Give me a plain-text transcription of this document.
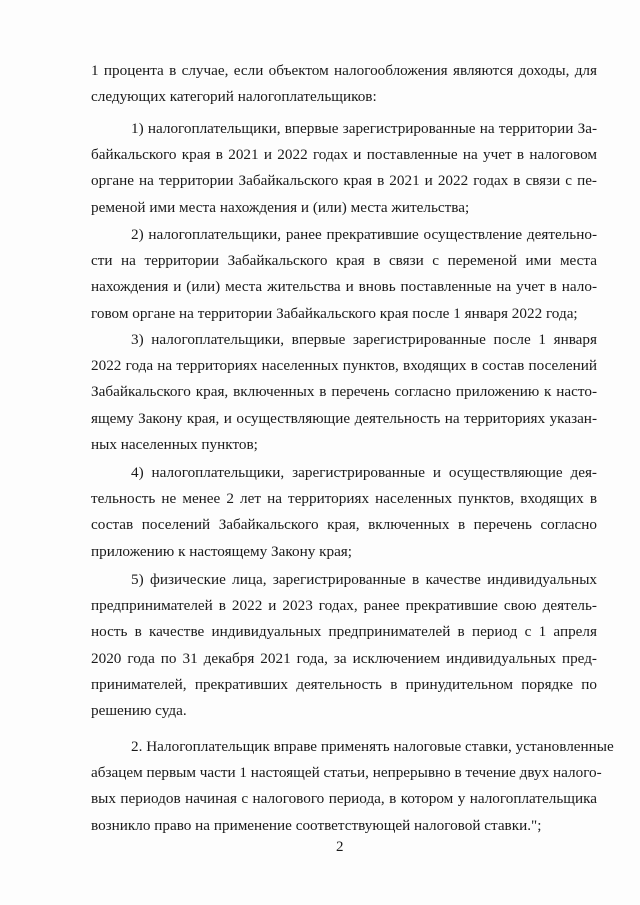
1 процента в случае, если объектом налогообложения являются доходы, для
следующих категорий налогоплательщиков:
1) налогоплательщики, впервые зарегистрированные на территории За-
байкальского края в 2021 и 2022 годах и поставленные на учет в налоговом
органе на территории Забайкальского края в 2021 и 2022 годах в связи с пе-
ременой ими места нахождения и (или) места жительства;
2) налогоплательщики, ранее прекратившие осуществление деятельно-
сти на территории Забайкальского края в связи с переменой ими места
нахождения и (или) места жительства и вновь поставленные на учет в нало-
говом органе на территории Забайкальского края после 1 января 2022 года;
3) налогоплательщики, впервые зарегистрированные после 1 января
2022 года на территориях населенных пунктов, входящих в состав поселений
Забайкальского края, включенных в перечень согласно приложению к насто-
ящему Закону края, и осуществляющие деятельность на территориях указан-
ных населенных пунктов;
4) налогоплательщики, зарегистрированные и осуществляющие дея-
тельность не менее 2 лет на территориях населенных пунктов, входящих в
состав поселений Забайкальского края, включенных в перечень согласно
приложению к настоящему Закону края;
5) физические лица, зарегистрированные в качестве индивидуальных
предпринимателей в 2022 и 2023 годах, ранее прекратившие свою деятель-
ность в качестве индивидуальных предпринимателей в период с 1 апреля
2020 года по 31 декабря 2021 года, за исключением индивидуальных пред-
принимателей, прекративших деятельность в принудительном порядке по
решению суда.
2. Налогоплательщик вправе применять налоговые ставки, установленные
абзацем первым части 1 настоящей статьи, непрерывно в течение двух налого-
вых периодов начиная с налогового периода, в котором у налогоплательщика
возникло право на применение соответствующей налоговой ставки.";
2
